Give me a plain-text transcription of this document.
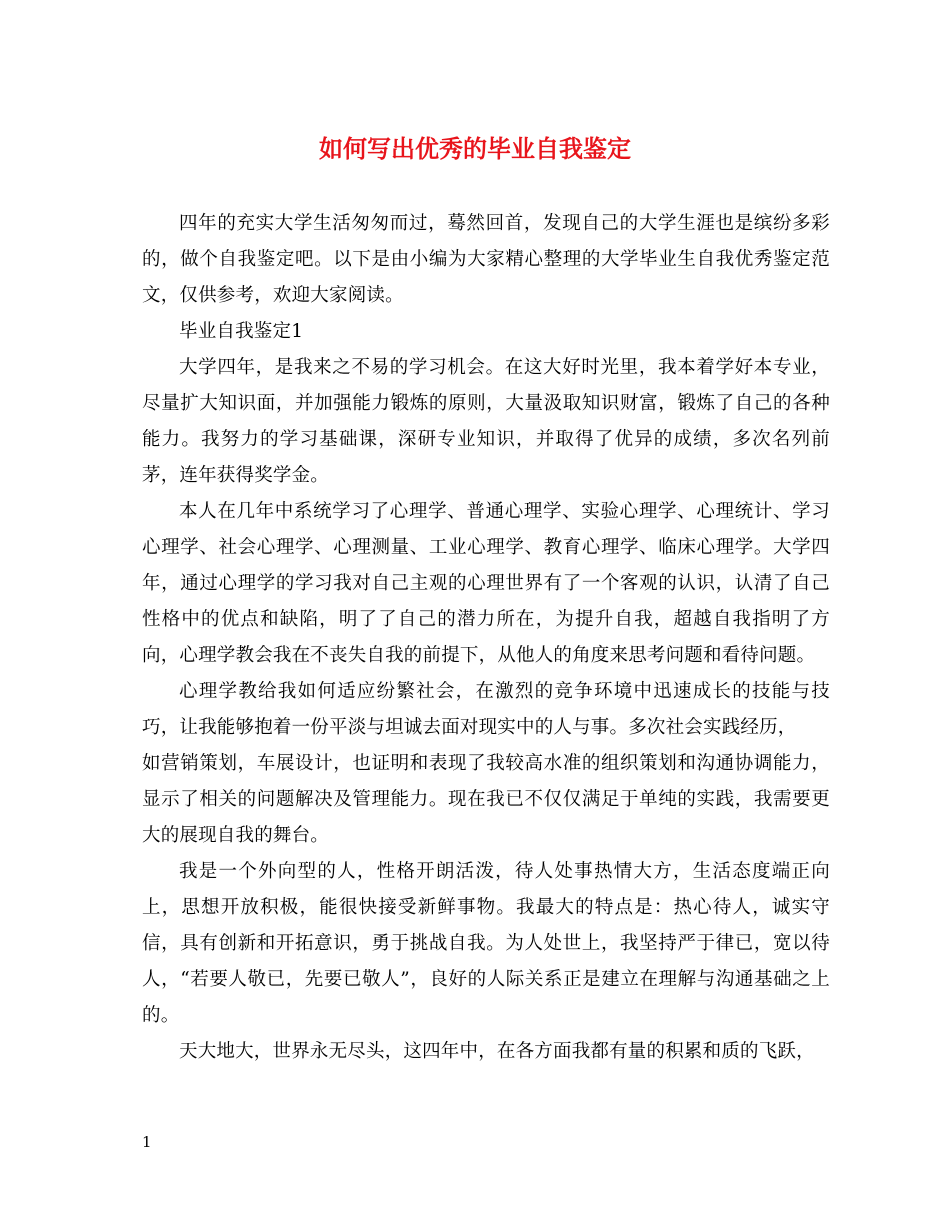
如何写出优秀的毕业自我鉴定

四年的充实大学生活匆匆而过，蓦然回首，发现自己的大学生涯也是缤纷多彩的，做个自我鉴定吧。以下是由小编为大家精心整理的大学毕业生自我优秀鉴定范文，仅供参考，欢迎大家阅读。

毕业自我鉴定1

大学四年，是我来之不易的学习机会。在这大好时光里，我本着学好本专业，尽量扩大知识面，并加强能力锻炼的原则，大量汲取知识财富，锻炼了自己的各种能力。我努力的学习基础课，深研专业知识，并取得了优异的成绩，多次名列前茅，连年获得奖学金。

本人在几年中系统学习了心理学、普通心理学、实验心理学、心理统计、学习心理学、社会心理学、心理测量、工业心理学、教育心理学、临床心理学。大学四年，通过心理学的学习我对自己主观的心理世界有了一个客观的认识，认清了自己性格中的优点和缺陷，明了了自己的潜力所在，为提升自我，超越自我指明了方向，心理学教会我在不丧失自我的前提下，从他人的角度来思考问题和看待问题。

心理学教给我如何适应纷繁社会，在激烈的竞争环境中迅速成长的技能与技巧，让我能够抱着一份平淡与坦诚去面对现实中的人与事。多次社会实践经历，

如营销策划，车展设计，也证明和表现了我较高水准的组织策划和沟通协调能力，显示了相关的问题解决及管理能力。现在我已不仅仅满足于单纯的实践，我需要更大的展现自我的舞台。

我是一个外向型的人，性格开朗活泼，待人处事热情大方，生活态度端正向上，思想开放积极，能很快接受新鲜事物。我最大的特点是：热心待人，诚实守信，具有创新和开拓意识，勇于挑战自我。为人处世上，我坚持严于律已，宽以待人，“若要人敬已，先要已敬人”，良好的人际关系正是建立在理解与沟通基础之上的。

天大地大，世界永无尽头，这四年中，在各方面我都有量的积累和质的飞跃，

1
